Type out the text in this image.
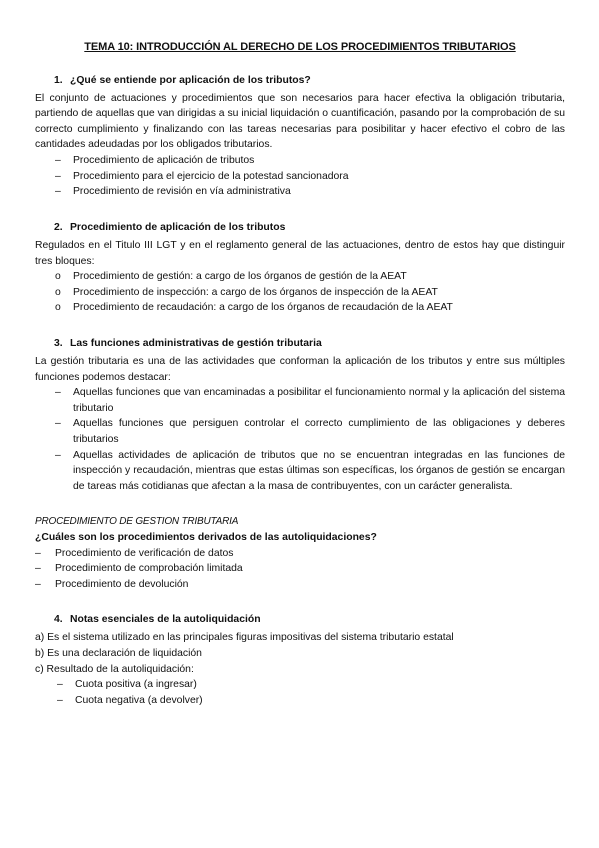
TEMA 10: INTRODUCCIÓN AL DERECHO DE LOS PROCEDIMIENTOS TRIBUTARIOS

1. ¿Qué se entiende por aplicación de los tributos?

El conjunto de actuaciones y procedimientos que son necesarios para hacer efectiva la obligación tributaria, partiendo de aquellas que van dirigidas a su inicial liquidación o cuantificación, pasando por la comprobación de su correcto cumplimiento y finalizando con las tareas necesarias para posibilitar y hacer efectivo el cobro de las cantidades adeudadas por los obligados tributarios.

–	Procedimiento de aplicación de tributos
–	Procedimiento para el ejercicio de la potestad sancionadora
–	Procedimiento de revisión en vía administrativa

2. Procedimiento de aplicación de los tributos

Regulados en el Titulo III LGT y en el reglamento general de las actuaciones, dentro de estos hay que distinguir tres bloques:

o	Procedimiento de gestión: a cargo de los órganos de gestión de la AEAT
o	Procedimiento de inspección: a cargo de los órganos de inspección de la AEAT
o	Procedimiento de recaudación: a cargo de los órganos de recaudación de la AEAT

3. Las funciones administrativas de gestión tributaria

La gestión tributaria es una de las actividades que conforman la aplicación de los tributos y entre sus múltiples funciones podemos destacar:

–	Aquellas funciones que van encaminadas a posibilitar el funcionamiento normal y la aplicación del sistema tributario
–	Aquellas funciones que persiguen controlar el correcto cumplimiento de las obligaciones y deberes tributarios
–	Aquellas actividades de aplicación de tributos que no se encuentran integradas en las funciones de inspección y recaudación, mientras que estas últimas son específicas, los órganos de gestión se encargan de tareas más cotidianas que afectan a la masa de contribuyentes, con un carácter generalista.

PROCEDIMIENTO DE GESTION TRIBUTARIA

¿Cuáles son los procedimientos derivados de las autoliquidaciones?

–	Procedimiento de verificación de datos
–	Procedimiento de comprobación limitada
–	Procedimiento de devolución

4. Notas esenciales de la autoliquidación

a) Es el sistema utilizado en las principales figuras impositivas del sistema tributario estatal

b) Es una declaración de liquidación

c) Resultado de la autoliquidación:

–	Cuota positiva (a ingresar)
–	Cuota negativa (a devolver)
